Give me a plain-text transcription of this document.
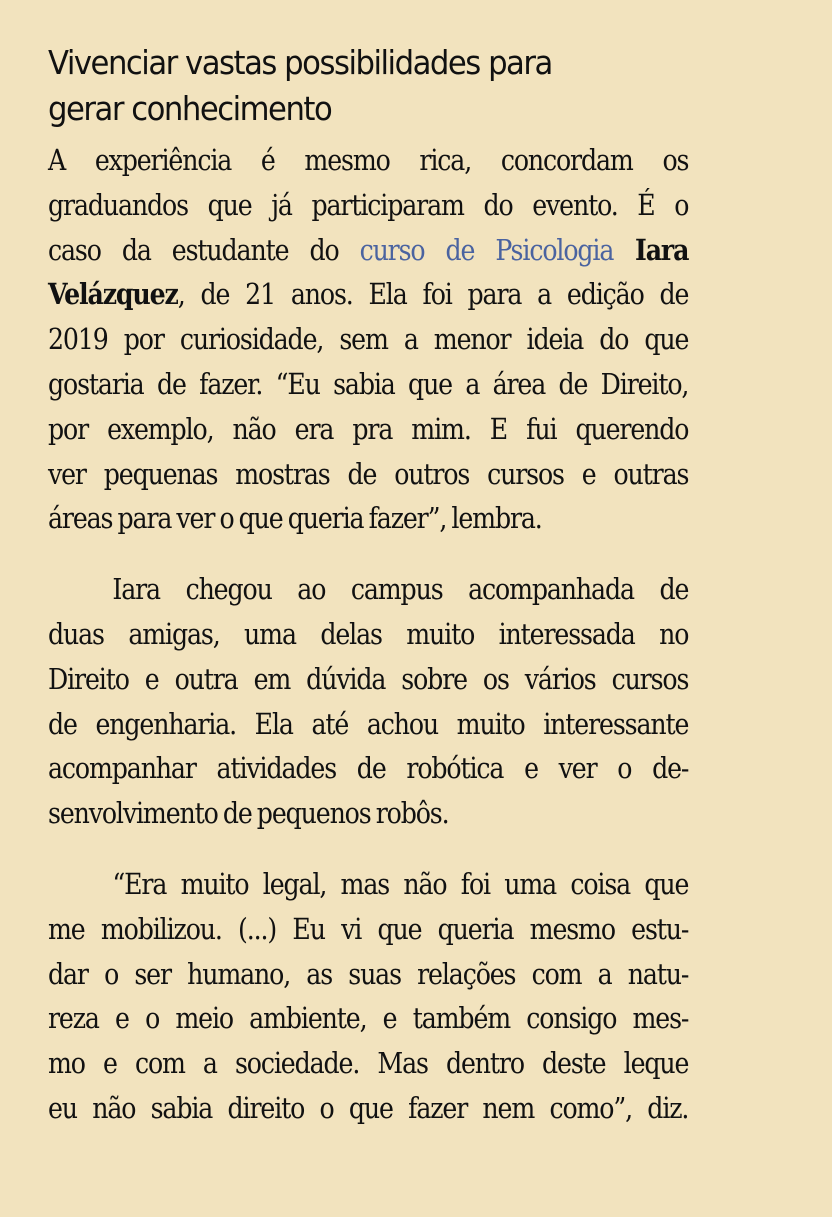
Vivenciar vastas possibilidades para
gerar conhecimento
A experiência é mesmo rica, concordam os
graduandos que já participaram do evento. É o
caso da estudante do curso de Psicologia Iara
Velázquez, de 21 anos. Ela foi para a edição de
2019 por curiosidade, sem a menor ideia do que
gostaria de fazer. “Eu sabia que a área de Direito,
por exemplo, não era pra mim. E fui querendo
ver pequenas mostras de outros cursos e outras
áreas para ver o que queria fazer”, lembra.
Iara chegou ao campus acompanhada de
duas amigas, uma delas muito interessada no
Direito e outra em dúvida sobre os vários cursos
de engenharia. Ela até achou muito interessante
acompanhar atividades de robótica e ver o de-
senvolvimento de pequenos robôs.
“Era muito legal, mas não foi uma coisa que
me mobilizou. (...) Eu vi que queria mesmo estu-
dar o ser humano, as suas relações com a natu-
reza e o meio ambiente, e também consigo mes-
mo e com a sociedade. Mas dentro deste leque
eu não sabia direito o que fazer nem como”, diz.
